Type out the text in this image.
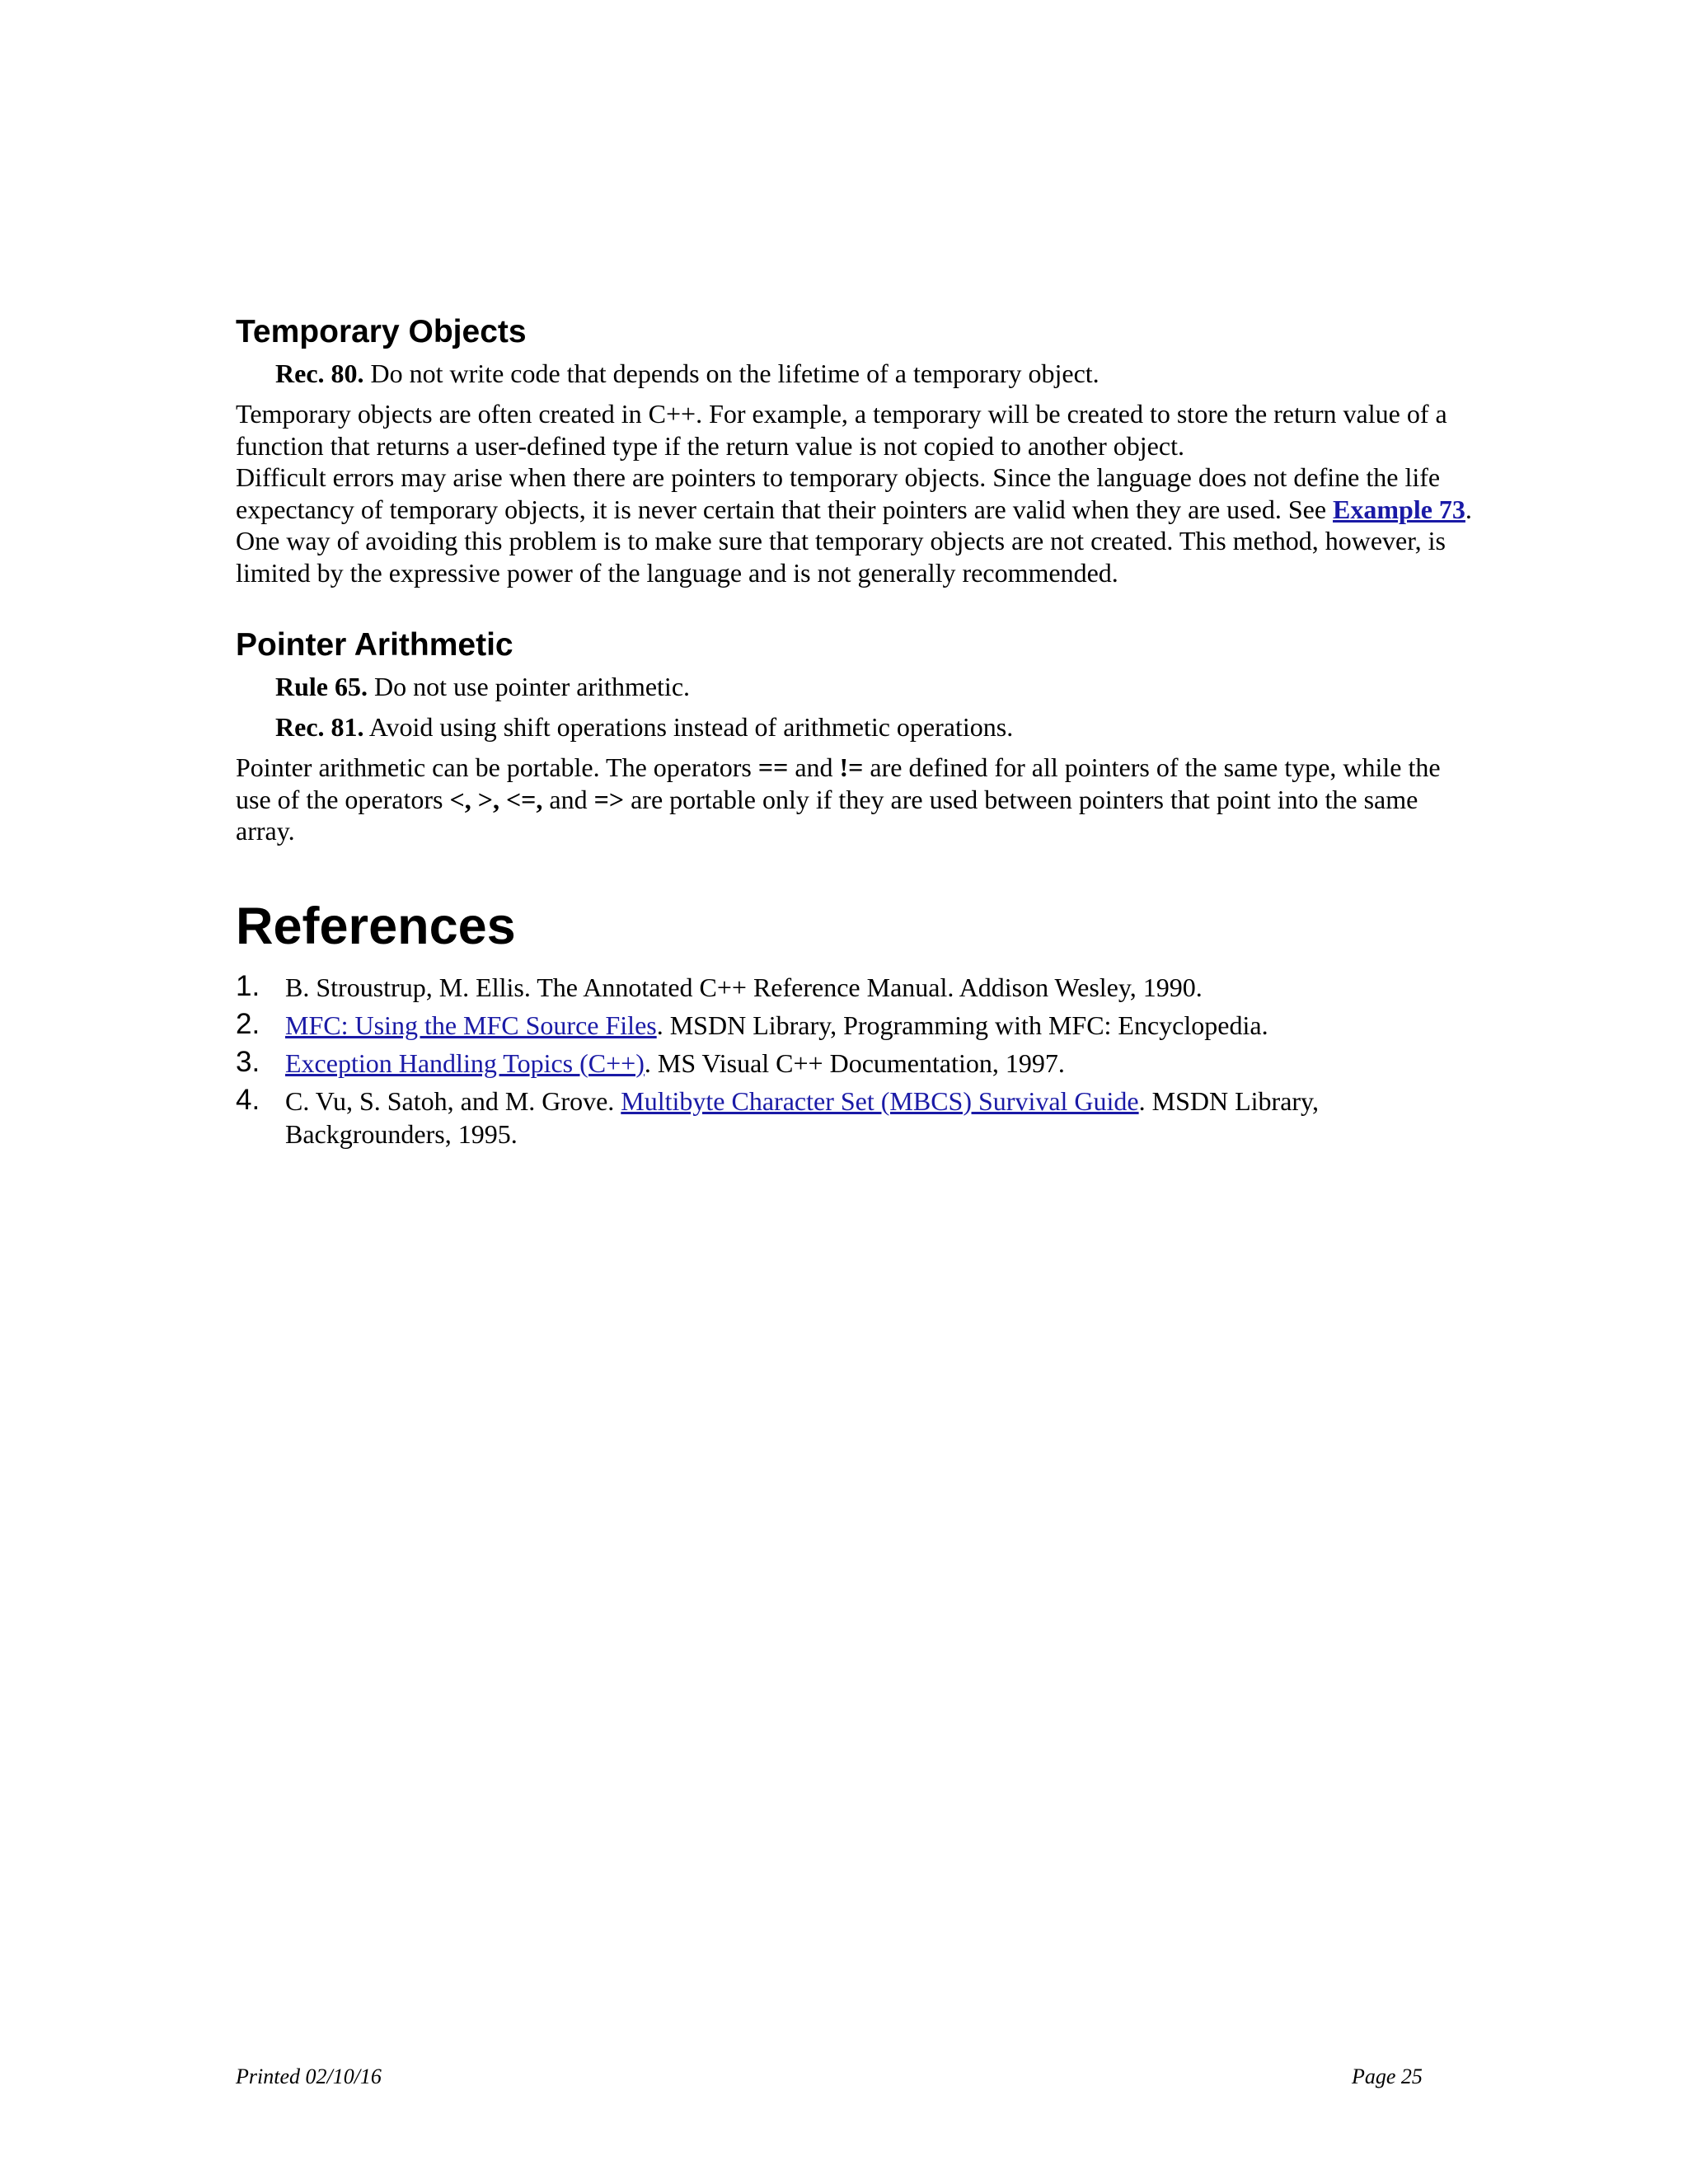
Temporary Objects

Rec. 80. Do not write code that depends on the lifetime of a temporary object.

Temporary objects are often created in C++. For example, a temporary will be created to store the return value of a function that returns a user-defined type if the return value is not copied to another object.

Difficult errors may arise when there are pointers to temporary objects. Since the language does not define the life expectancy of temporary objects, it is never certain that their pointers are valid when they are used. See Example 73.

One way of avoiding this problem is to make sure that temporary objects are not created. This method, however, is limited by the expressive power of the language and is not generally recommended.

Pointer Arithmetic

Rule 65. Do not use pointer arithmetic.

Rec. 81. Avoid using shift operations instead of arithmetic operations.

Pointer arithmetic can be portable. The operators == and != are defined for all pointers of the same type, while the use of the operators <, >, <=, and => are portable only if they are used between pointers that point into the same array.

References
1. B. Stroustrup, M. Ellis. The Annotated C++ Reference Manual. Addison Wesley, 1990.
2. MFC: Using the MFC Source Files. MSDN Library, Programming with MFC: Encyclopedia.
3. Exception Handling Topics (C++). MS Visual C++ Documentation, 1997.
4. C. Vu, S. Satoh, and M. Grove. Multibyte Character Set (MBCS) Survival Guide. MSDN Library, Backgrounders, 1995.
Printed 02/10/16	Page 25
